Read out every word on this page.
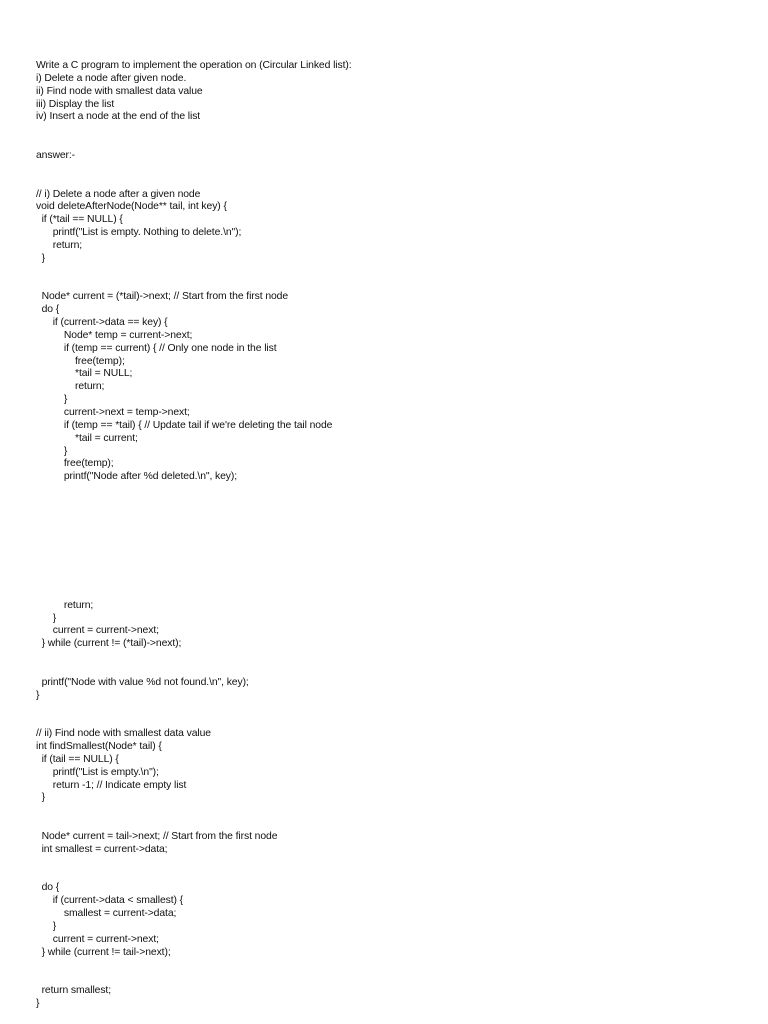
Write a C program to implement the operation on (Circular Linked list):
i) Delete a node after given node.
ii) Find node with smallest data value
iii) Display the list
iv) Insert a node at the end of the list
answer:-
// i) Delete a node after a given node
void deleteAfterNode(Node** tail, int key) {
if (*tail == NULL) {
printf("List is empty. Nothing to delete.\n");
return;
}
Node* current = (*tail)->next; // Start from the first node
do {
if (current->data == key) {
Node* temp = current->next;
if (temp == current) { // Only one node in the list
free(temp);
*tail = NULL;
return;
}
current->next = temp->next;
if (temp == *tail) { // Update tail if we're deleting the tail node
*tail = current;
}
free(temp);
printf("Node after %d deleted.\n", key);
return;
}
current = current->next;
} while (current != (*tail)->next);
printf("Node with value %d not found.\n", key);
}
// ii) Find node with smallest data value
int findSmallest(Node* tail) {
if (tail == NULL) {
printf("List is empty.\n");
return -1; // Indicate empty list
}
Node* current = tail->next; // Start from the first node
int smallest = current->data;
do {
if (current->data < smallest) {
smallest = current->data;
}
current = current->next;
} while (current != tail->next);
return smallest;
}
